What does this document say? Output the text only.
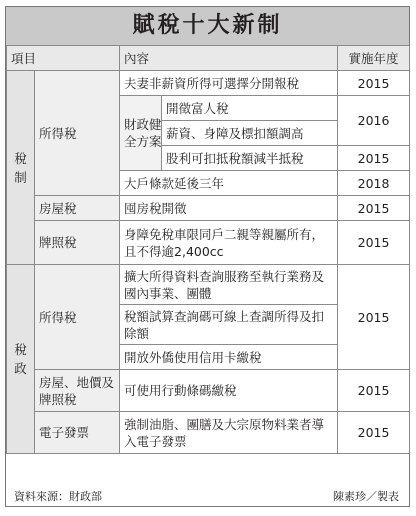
賦稅十大新制
項目		內容		實施年度

稅制	所得稅	夫妻非薪資所得可選擇分開報稅		2015

		財政健全方案	開徵富人稅	2016
			薪資、身障及標扣額調高	
			股利可扣抵稅額減半抵稅	2015
		大戶條款延後三年		2018

	房屋稅	囤房稅開徵		2015
	牌照稅	身障免稅車限同戶二親等親屬所有，且不得逾2,400cc		2015

稅政	所得稅	擴大所得資料查詢服務至執行業務及國內事業、團體		2015
		稅額試算查詢碼可線上查調所得及扣除額		
		開放外僑使用信用卡繳稅		
	房屋、地價及牌照稅	可使用行動條碼繳稅		2015
	電子發票	強制油脂、團膳及大宗原物料業者導入電子發票		2015
資料來源：財政部	陳素珍／製表
